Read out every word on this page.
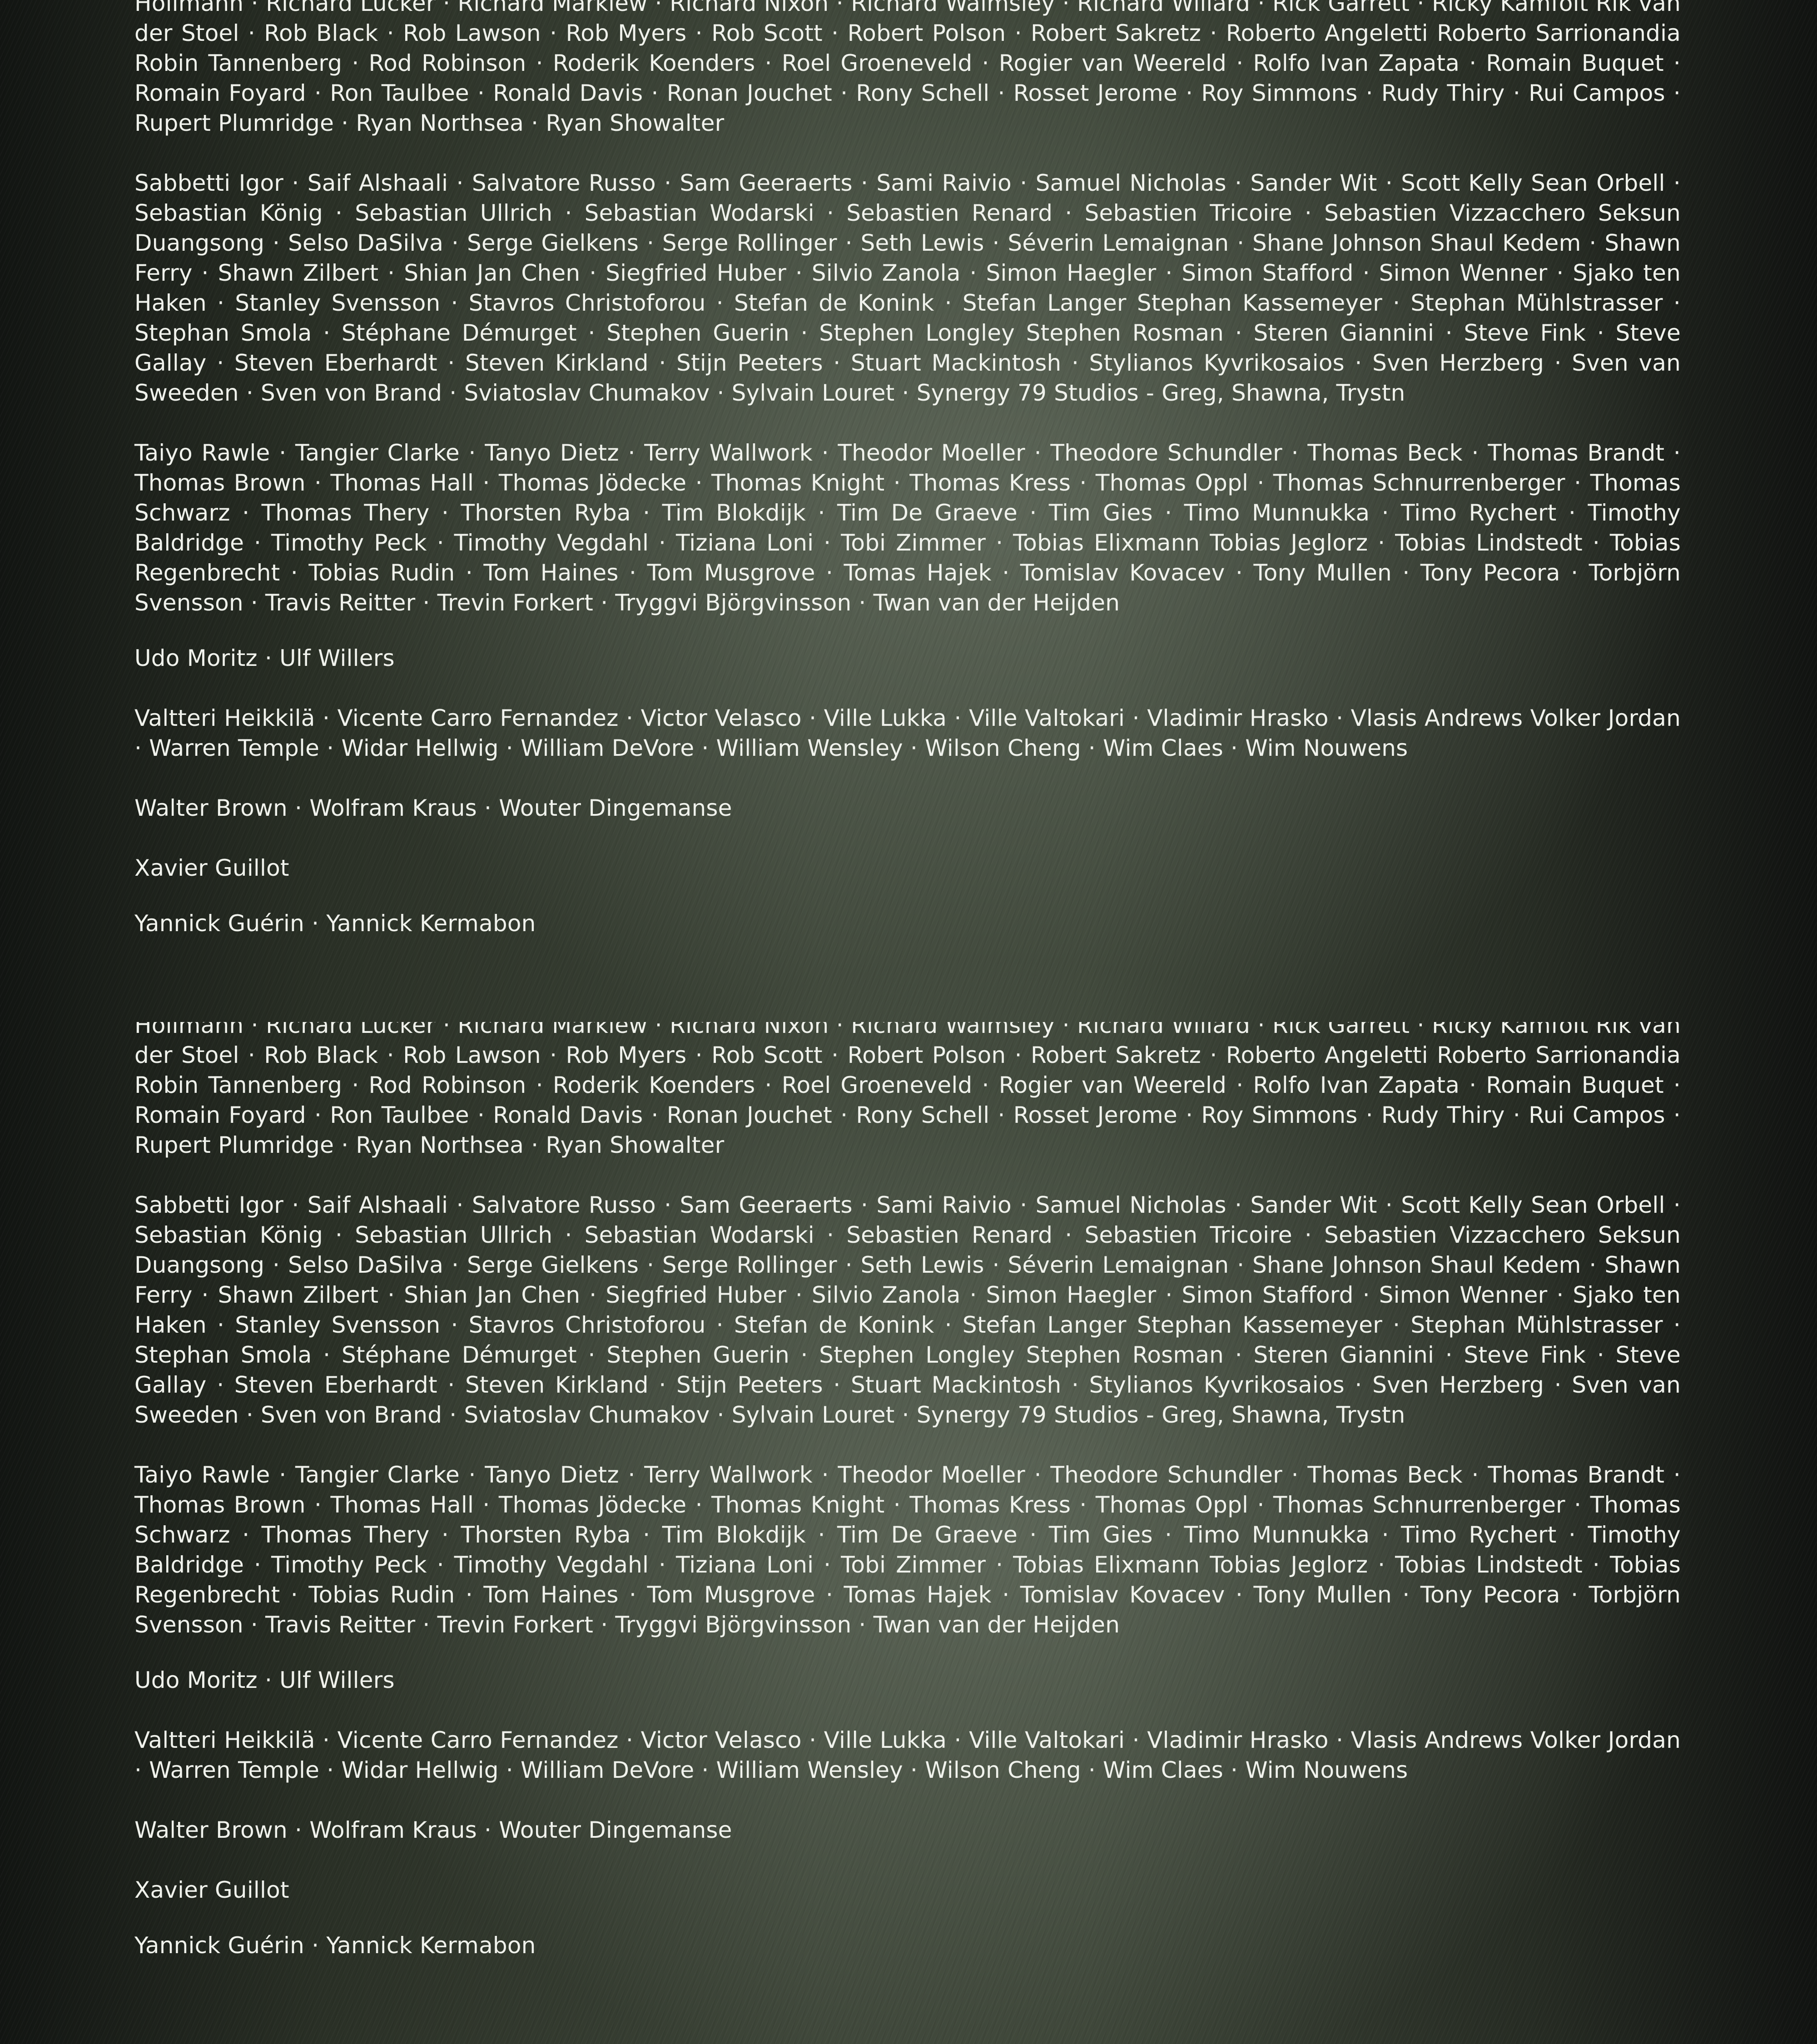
Hollmann · Richard Lucker · Richard Marklew · Richard Nixon · Richard Walmsley · Richard Willard · Rick Garrett · Ricky Kamfolt Rik van der Stoel · Rob Black · Rob Lawson · Rob Myers · Rob Scott · Robert Polson · Robert Sakretz · Roberto Angeletti Roberto Sarrionandia Robin Tannenberg · Rod Robinson · Roderik Koenders · Roel Groeneveld · Rogier van Weereld · Rolfo Ivan Zapata · Romain Buquet · Romain Foyard · Ron Taulbee · Ronald Davis · Ronan Jouchet · Rony Schell · Rosset Jerome · Roy Simmons · Rudy Thiry · Rui Campos · Rupert Plumridge · Ryan Northsea · Ryan Showalter

Sabbetti Igor · Saif Alshaali · Salvatore Russo · Sam Geeraerts · Sami Raivio · Samuel Nicholas · Sander Wit · Scott Kelly Sean Orbell · Sebastian König · Sebastian Ullrich · Sebastian Wodarski · Sebastien Renard · Sebastien Tricoire · Sebastien Vizzacchero Seksun Duangsong · Selso DaSilva · Serge Gielkens · Serge Rollinger · Seth Lewis · Séverin Lemaignan · Shane Johnson Shaul Kedem · Shawn Ferry · Shawn Zilbert · Shian Jan Chen · Siegfried Huber · Silvio Zanola · Simon Haegler · Simon Stafford · Simon Wenner · Sjako ten Haken · Stanley Svensson · Stavros Christoforou · Stefan de Konink · Stefan Langer Stephan Kassemeyer · Stephan Mühlstrasser · Stephan Smola · Stéphane Démurget · Stephen Guerin · Stephen Longley Stephen Rosman · Steren Giannini · Steve Fink · Steve Gallay · Steven Eberhardt · Steven Kirkland · Stijn Peeters · Stuart Mackintosh · Stylianos Kyvrikosaios · Sven Herzberg · Sven van Sweeden · Sven von Brand · Sviatoslav Chumakov · Sylvain Louret · Synergy 79 Studios - Greg, Shawna, Trystn

Taiyo Rawle · Tangier Clarke · Tanyo Dietz · Terry Wallwork · Theodor Moeller · Theodore Schundler · Thomas Beck · Thomas Brandt · Thomas Brown · Thomas Hall · Thomas Jödecke · Thomas Knight · Thomas Kress · Thomas Oppl · Thomas Schnurrenberger · Thomas Schwarz · Thomas Thery · Thorsten Ryba · Tim Blokdijk · Tim De Graeve · Tim Gies · Timo Munnukka · Timo Rychert · Timothy Baldridge · Timothy Peck · Timothy Vegdahl · Tiziana Loni · Tobi Zimmer · Tobias Elixmann Tobias Jeglorz · Tobias Lindstedt · Tobias Regenbrecht · Tobias Rudin · Tom Haines · Tom Musgrove · Tomas Hajek · Tomislav Kovacev · Tony Mullen · Tony Pecora · Torbjörn Svensson · Travis Reitter · Trevin Forkert · Tryggvi Björgvinsson · Twan van der Heijden

Udo Moritz · Ulf Willers

Valtteri Heikkilä · Vicente Carro Fernandez · Victor Velasco · Ville Lukka · Ville Valtokari · Vladimir Hrasko · Vlasis Andrews Volker Jordan · Warren Temple · Widar Hellwig · William DeVore · William Wensley · Wilson Cheng · Wim Claes · Wim Nouwens

Walter Brown · Wolfram Kraus · Wouter Dingemanse

Xavier Guillot

Yannick Guérin · Yannick Kermabon

Hollmann · Richard Lucker · Richard Marklew · Richard Nixon · Richard Walmsley · Richard Willard · Rick Garrett · Ricky Kamfolt Rik van der Stoel · Rob Black · Rob Lawson · Rob Myers · Rob Scott · Robert Polson · Robert Sakretz · Roberto Angeletti Roberto Sarrionandia Robin Tannenberg · Rod Robinson · Roderik Koenders · Roel Groeneveld · Rogier van Weereld · Rolfo Ivan Zapata · Romain Buquet · Romain Foyard · Ron Taulbee · Ronald Davis · Ronan Jouchet · Rony Schell · Rosset Jerome · Roy Simmons · Rudy Thiry · Rui Campos · Rupert Plumridge · Ryan Northsea · Ryan Showalter

Sabbetti Igor · Saif Alshaali · Salvatore Russo · Sam Geeraerts · Sami Raivio · Samuel Nicholas · Sander Wit · Scott Kelly Sean Orbell · Sebastian König · Sebastian Ullrich · Sebastian Wodarski · Sebastien Renard · Sebastien Tricoire · Sebastien Vizzacchero Seksun Duangsong · Selso DaSilva · Serge Gielkens · Serge Rollinger · Seth Lewis · Séverin Lemaignan · Shane Johnson Shaul Kedem · Shawn Ferry · Shawn Zilbert · Shian Jan Chen · Siegfried Huber · Silvio Zanola · Simon Haegler · Simon Stafford · Simon Wenner · Sjako ten Haken · Stanley Svensson · Stavros Christoforou · Stefan de Konink · Stefan Langer Stephan Kassemeyer · Stephan Mühlstrasser · Stephan Smola · Stéphane Démurget · Stephen Guerin · Stephen Longley Stephen Rosman · Steren Giannini · Steve Fink · Steve Gallay · Steven Eberhardt · Steven Kirkland · Stijn Peeters · Stuart Mackintosh · Stylianos Kyvrikosaios · Sven Herzberg · Sven van Sweeden · Sven von Brand · Sviatoslav Chumakov · Sylvain Louret · Synergy 79 Studios - Greg, Shawna, Trystn

Taiyo Rawle · Tangier Clarke · Tanyo Dietz · Terry Wallwork · Theodor Moeller · Theodore Schundler · Thomas Beck · Thomas Brandt · Thomas Brown · Thomas Hall · Thomas Jödecke · Thomas Knight · Thomas Kress · Thomas Oppl · Thomas Schnurrenberger · Thomas Schwarz · Thomas Thery · Thorsten Ryba · Tim Blokdijk · Tim De Graeve · Tim Gies · Timo Munnukka · Timo Rychert · Timothy Baldridge · Timothy Peck · Timothy Vegdahl · Tiziana Loni · Tobi Zimmer · Tobias Elixmann Tobias Jeglorz · Tobias Lindstedt · Tobias Regenbrecht · Tobias Rudin · Tom Haines · Tom Musgrove · Tomas Hajek · Tomislav Kovacev · Tony Mullen · Tony Pecora · Torbjörn Svensson · Travis Reitter · Trevin Forkert · Tryggvi Björgvinsson · Twan van der Heijden

Udo Moritz · Ulf Willers

Valtteri Heikkilä · Vicente Carro Fernandez · Victor Velasco · Ville Lukka · Ville Valtokari · Vladimir Hrasko · Vlasis Andrews Volker Jordan · Warren Temple · Widar Hellwig · William DeVore · William Wensley · Wilson Cheng · Wim Claes · Wim Nouwens

Walter Brown · Wolfram Kraus · Wouter Dingemanse

Xavier Guillot

Yannick Guérin · Yannick Kermabon
